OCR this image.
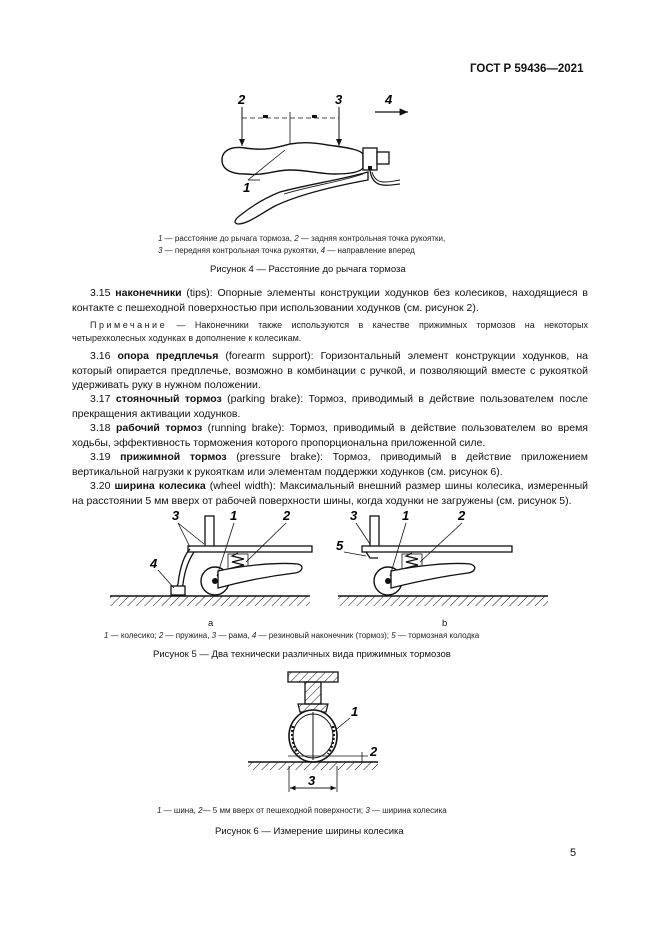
ГОСТ Р 59436—2021
2	3	4
1
1 — расстояние до рычага тормоза, 2 — задняя контрольная точка рукоятки,
3 — передняя контрольная точка рукоятки, 4 — направление вперед
Рисунок 4 — Расстояние до рычага тормоза
3.15 наконечники (tips): Опорные элементы конструкции ходунков без колесиков, находящиеся в контакте с пешеходной поверхностью при использовании ходунков (см. рисунок 2).
Примечание — Наконечники также используются в качестве прижимных тормозов на некоторых четырехколесных ходунках в дополнение к колесикам.
3.16 опора предплечья (forearm support): Горизонтальный элемент конструкции ходунков, на который опирается предплечье, возможно в комбинации с ручкой, и позволяющий вместе с рукояткой удерживать руку в нужном положении.
3.17 стояночный тормоз (parking brake): Тормоз, приводимый в действие пользователем после прекращения активации ходунков.
3.18 рабочий тормоз (running brake): Тормоз, приводимый в действие пользователем во время ходьбы, эффективность торможения которого пропорциональна приложенной силе.
3.19 прижимной тормоз (pressure brake): Тормоз, приводимый в действие приложением вертикальной нагрузки к рукояткам или элементам поддержки ходунков (см. рисунок 6).
3.20 ширина колесика (wheel width): Максимальный внешний размер шины колесика, измеренный на расстоянии 5 мм вверх от рабочей поверхности шины, когда ходунки не загружены (см. рисунок 5).
3	1	2
4
3	1	2
5
a	b
1 — колесико; 2 — пружина, 3 — рама, 4 — резиновый наконечник (тормоз); 5 — тормозная колодка
Рисунок 5 — Два технически различных вида прижимных тормозов
1
2
3
1 — шина, 2— 5 мм вверх от пешеходной поверхности; 3 — ширина колесика
Рисунок 6 — Измерение ширины колесика
5
